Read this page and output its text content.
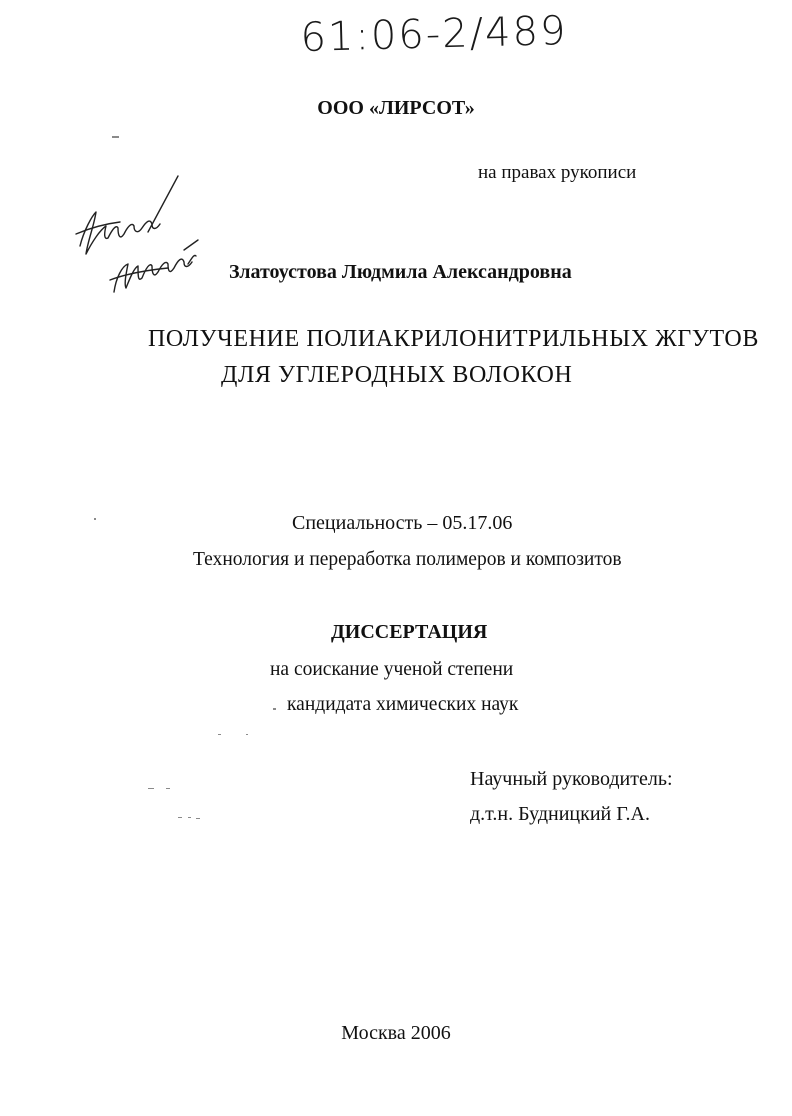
61:06-2/489
ООО «ЛИРСОТ»
на правах рукописи
Златоустова Людмила Александровна
ПОЛУЧЕНИЕ ПОЛИАКРИЛОНИТРИЛЬНЫХ ЖГУТОВ
ДЛЯ УГЛЕРОДНЫХ ВОЛОКОН
Специальность – 05.17.06
Технология и переработка полимеров и композитов
ДИССЕРТАЦИЯ
на соискание ученой степени
кандидата химических наук
Научный руководитель:
д.т.н. Будницкий Г.А.
Москва 2006
